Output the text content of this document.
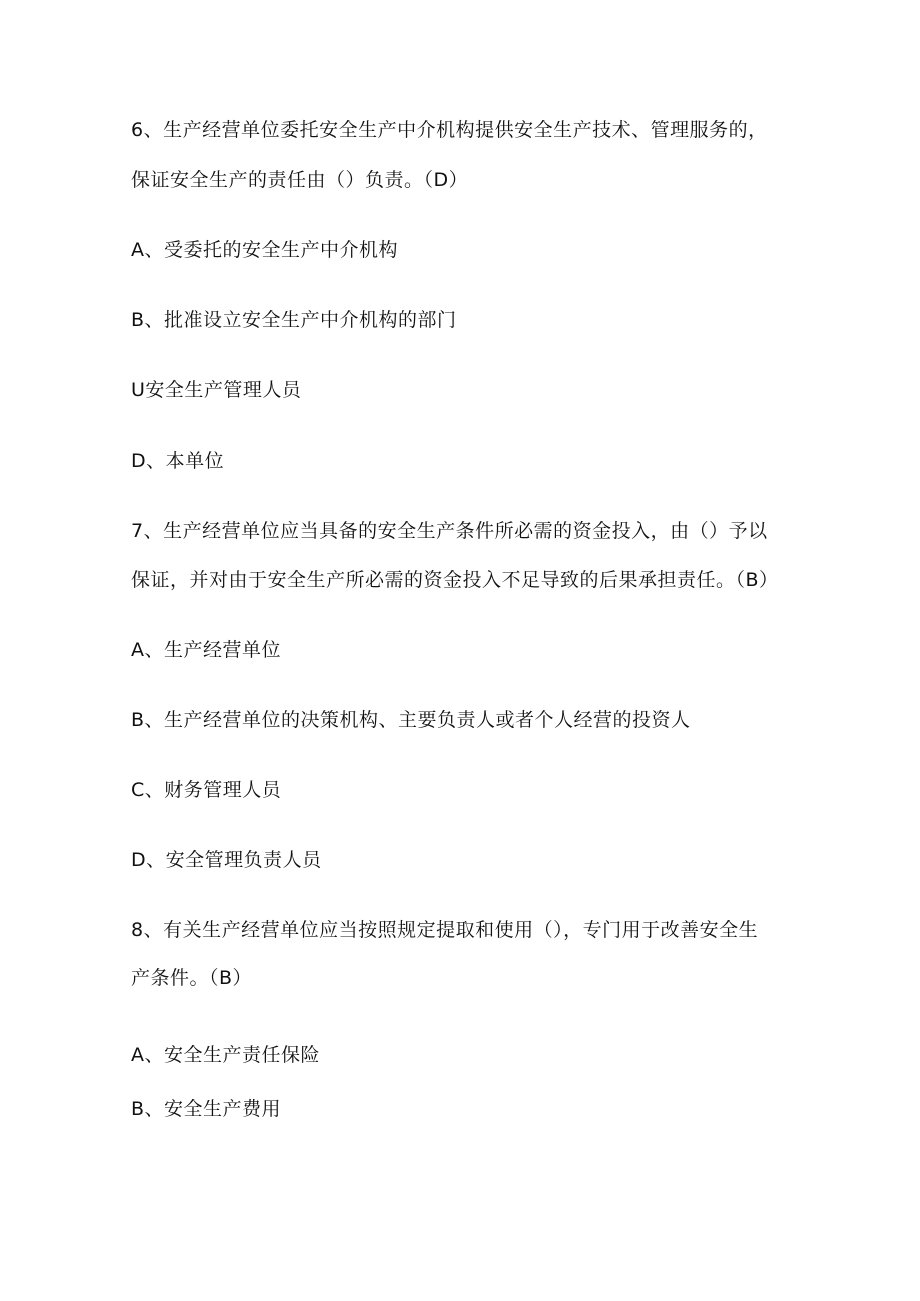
6、生产经营单位委托安全生产中介机构提供安全生产技术、管理服务的，

保证安全生产的责任由（）负责。（D）

A、受委托的安全生产中介机构

B、批准设立安全生产中介机构的部门

U安全生产管理人员

D、本单位

7、生产经营单位应当具备的安全生产条件所必需的资金投入，由（）予以

保证，并对由于安全生产所必需的资金投入不足导致的后果承担责任。（B）

A、生产经营单位

B、生产经营单位的决策机构、主要负责人或者个人经营的投资人

C、财务管理人员

D、安全管理负责人员

8、有关生产经营单位应当按照规定提取和使用（），专门用于改善安全生

产条件。（B）

A、安全生产责任保险

B、安全生产费用
